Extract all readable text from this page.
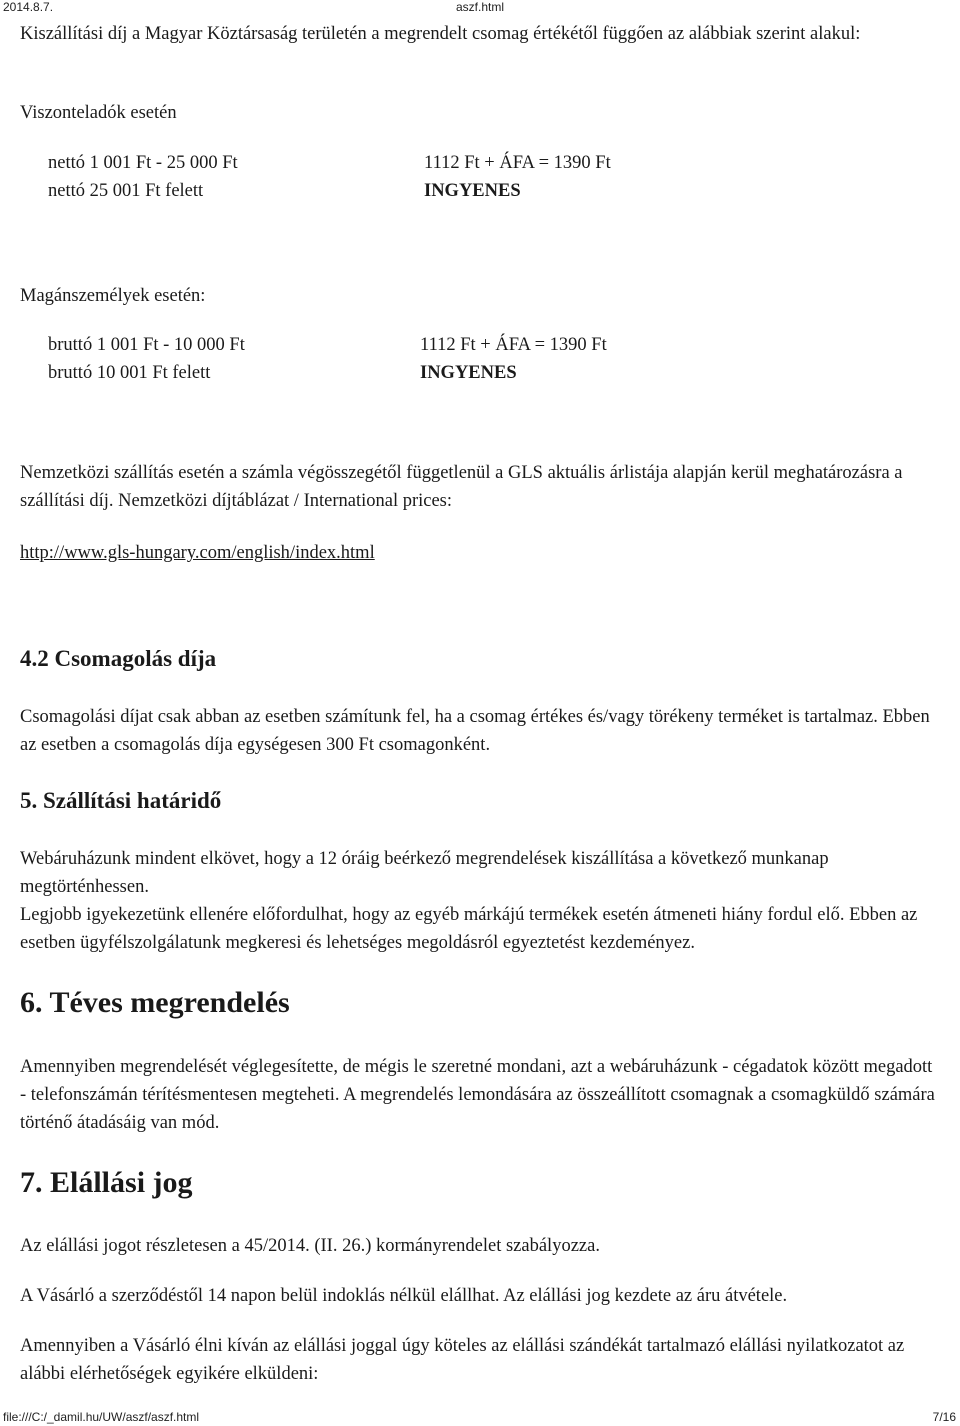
2014.8.7.	aszf.html

Kiszállítási díj a Magyar Köztársaság területén a megrendelt csomag értékétől függően az alábbiak szerint alakul:

Viszonteladók esetén
nettó 1 001 Ft - 25 000 Ft	1112 Ft + ÁFA = 1390 Ft
nettó 25 001 Ft felett	INGYENES
Magánszemélyek esetén:
bruttó 1 001 Ft - 10 000 Ft	1112 Ft + ÁFA = 1390 Ft
bruttó 10 001 Ft felett	INGYENES

Nemzetközi szállítás esetén a számla végösszegétől függetlenül a GLS aktuális árlistája alapján kerül meghatározásra a szállítási díj. Nemzetközi díjtáblázat / International prices:

http://www.gls-hungary.com/english/index.html
4.2 Csomagolás díja

Csomagolási díjat csak abban az esetben számítunk fel, ha a csomag értékes és/vagy törékeny terméket is tartalmaz. Ebben az esetben a csomagolás díja egységesen 300 Ft csomagonként.

5. Szállítási határidő

Webáruházunk mindent elkövet, hogy a 12 óráig beérkező megrendelések kiszállítása a következő munkanap megtörténhessen.

Legjobb igyekezetünk ellenére előfordulhat, hogy az egyéb márkájú termékek esetén átmeneti hiány fordul elő. Ebben az esetben ügyfélszolgálatunk megkeresi és lehetséges megoldásról egyeztetést kezdeményez.

6. Téves megrendelés

Amennyiben megrendelését véglegesítette, de mégis le szeretné mondani, azt a webáruházunk - cégadatok között megadott - telefonszámán térítésmentesen megteheti. A megrendelés lemondására az összeállított csomagnak a csomagküldő számára történő átadásáig van mód.

7. Elállási jog

Az elállási jogot részletesen a 45/2014. (II. 26.) kormányrendelet szabályozza.

A Vásárló a szerződéstől 14 napon belül indoklás nélkül elállhat. Az elállási jog kezdete az áru átvétele.

Amennyiben a Vásárló élni kíván az elállási joggal úgy köteles az elállási szándékát tartalmazó elállási nyilatkozatot az alábbi elérhetőségek egyikére elküldeni:

file:///C:/_damil.hu/UW/aszf/aszf.html	7/16
